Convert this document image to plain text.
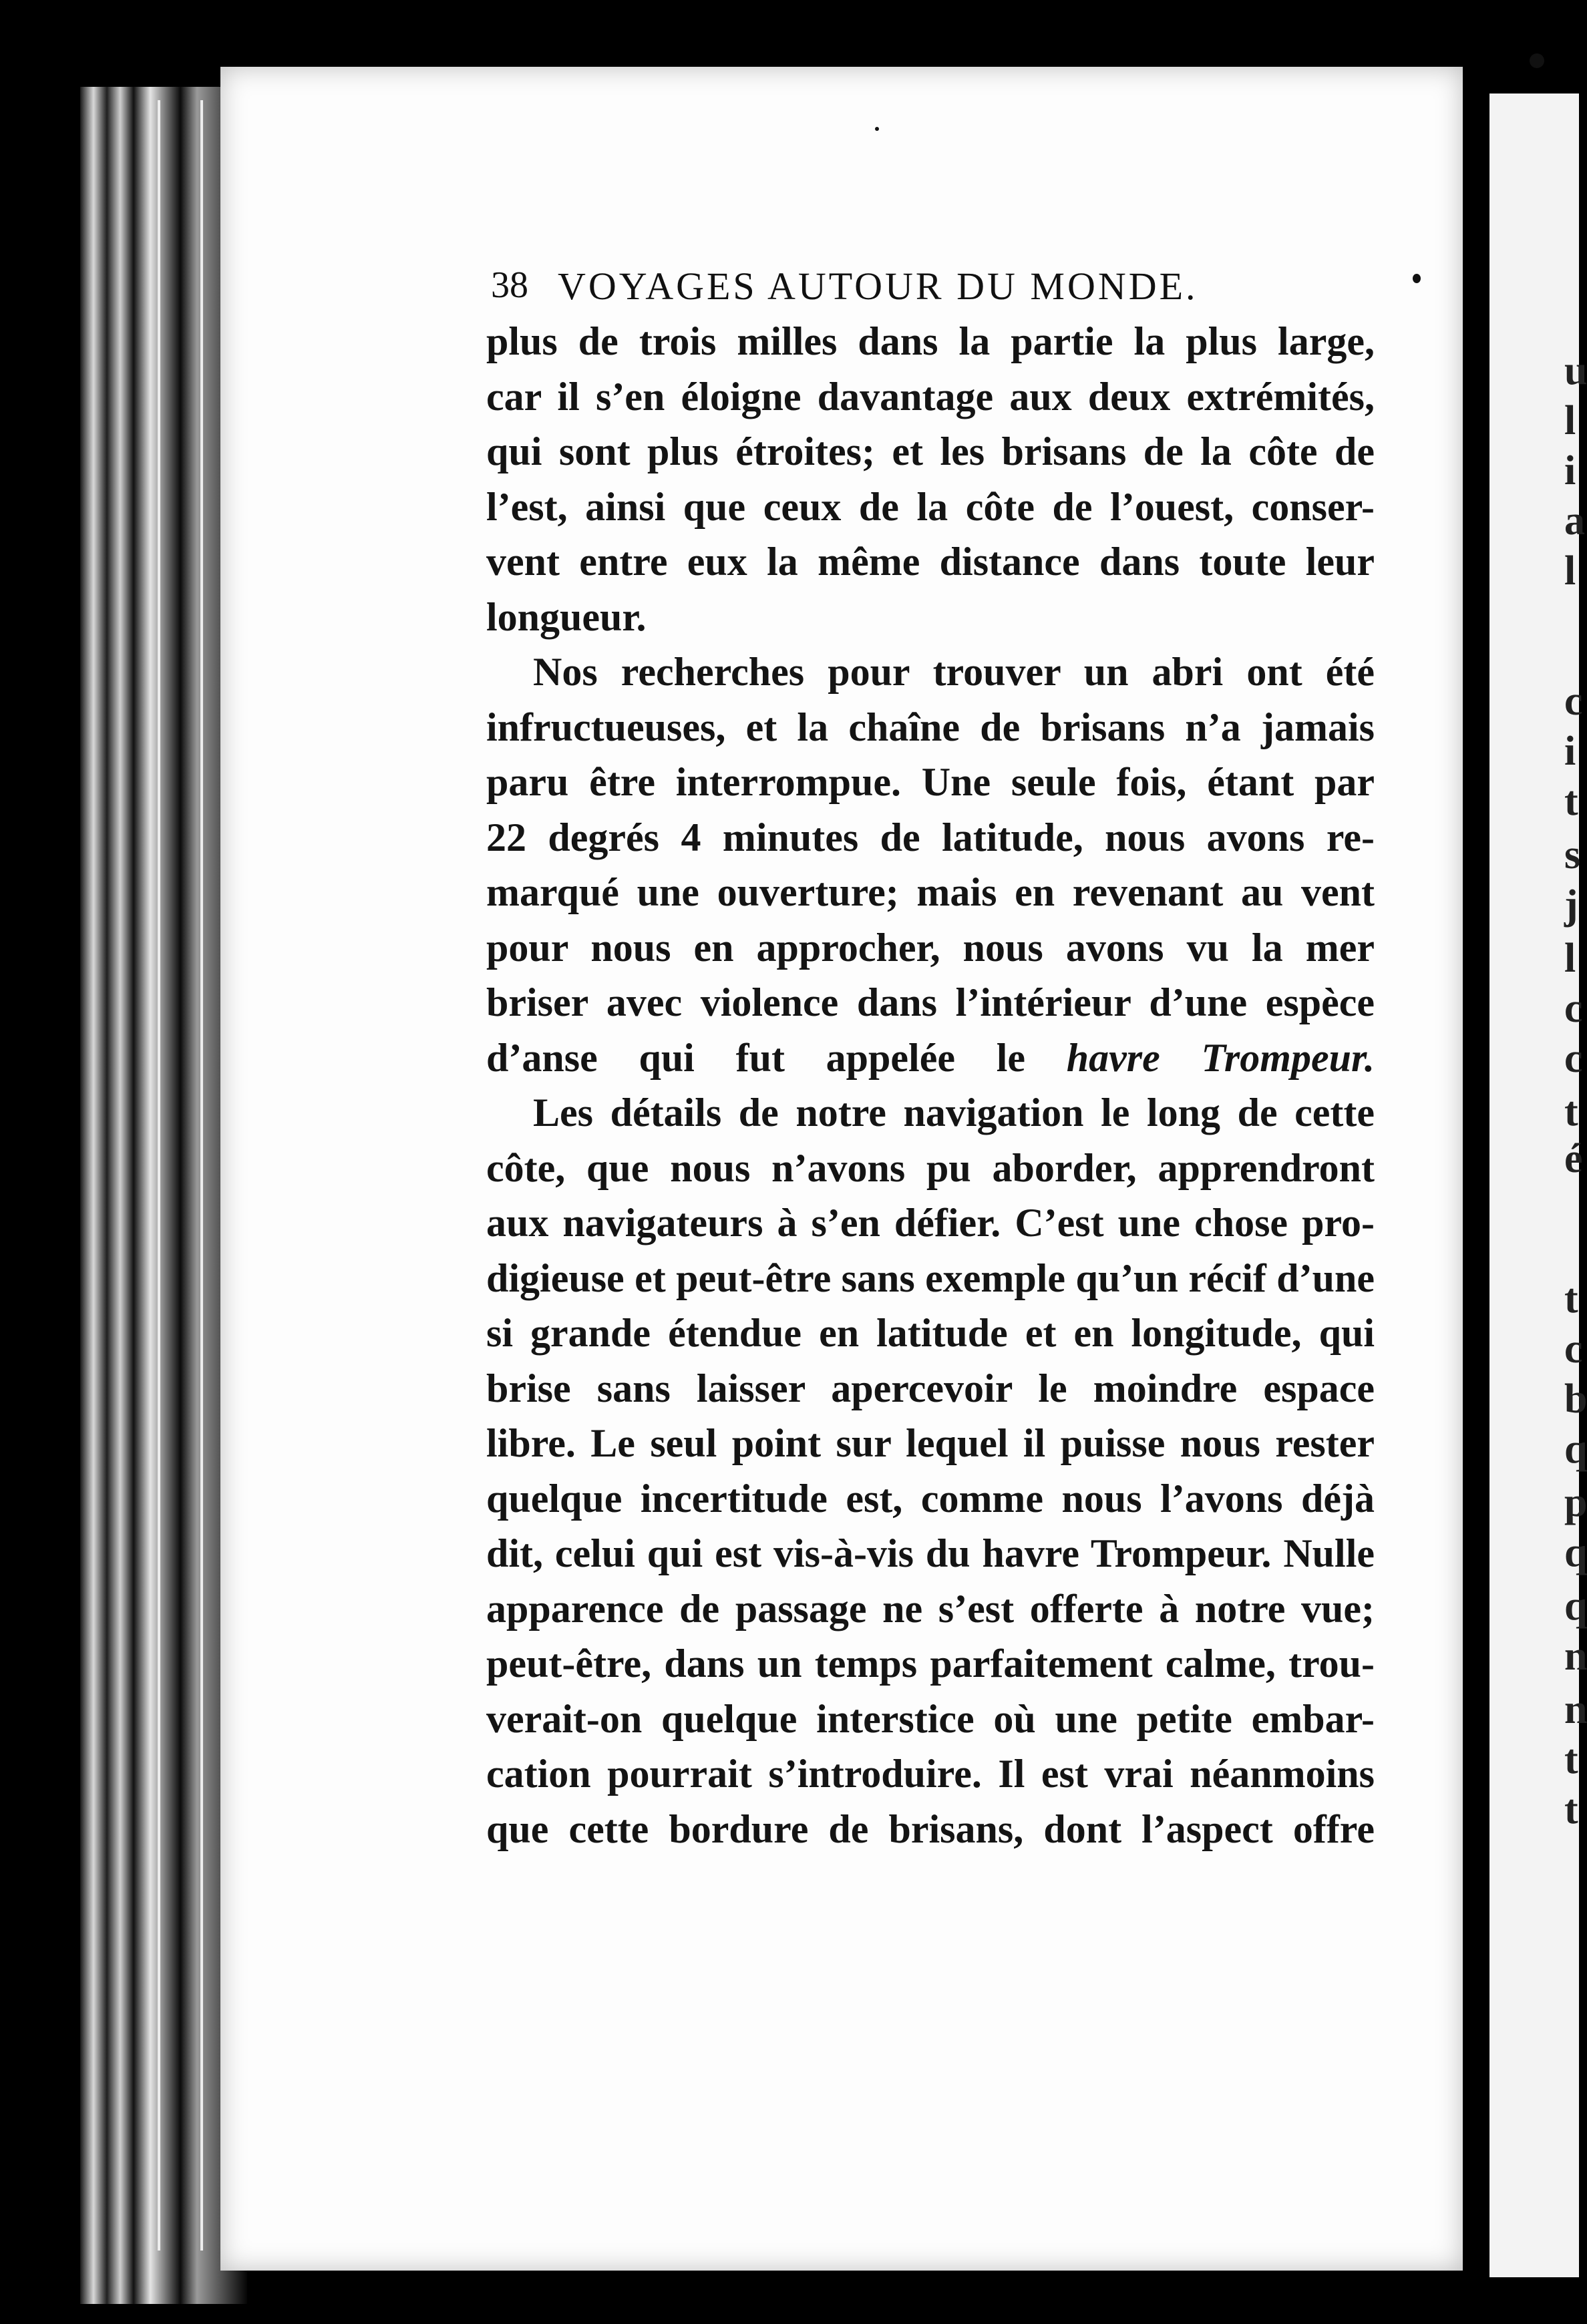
u
l
i
a
l
c
i
t
s
j
l
c
c
t
é
t
c
b
q
p
q
q
n
n
t
t
38 VOYAGES AUTOUR DU MONDE.
plus de trois milles dans la partie la plus large,
car il s’en éloigne davantage aux deux extrémités,
qui sont plus étroites; et les brisans de la côte de
l’est, ainsi que ceux de la côte de l’ouest, conser-
vent entre eux la même distance dans toute leur
longueur.
Nos recherches pour trouver un abri ont été
infructueuses, et la chaîne de brisans n’a jamais
paru être interrompue. Une seule fois, étant par
22 degrés 4 minutes de latitude, nous avons re-
marqué une ouverture; mais en revenant au vent
pour nous en approcher, nous avons vu la mer
briser avec violence dans l’intérieur d’une espèce
d’anse qui fut appelée le havre Trompeur.
Les détails de notre navigation le long de cette
côte, que nous n’avons pu aborder, apprendront
aux navigateurs à s’en défier. C’est une chose pro-
digieuse et peut-être sans exemple qu’un récif d’une
si grande étendue en latitude et en longitude, qui
brise sans laisser apercevoir le moindre espace
libre. Le seul point sur lequel il puisse nous rester
quelque incertitude est, comme nous l’avons déjà
dit, celui qui est vis-à-vis du havre Trompeur. Nulle
apparence de passage ne s’est offerte à notre vue;
peut-être, dans un temps parfaitement calme, trou-
verait-on quelque interstice où une petite embar-
cation pourrait s’introduire. Il est vrai néanmoins
que cette bordure de brisans, dont l’aspect offre
